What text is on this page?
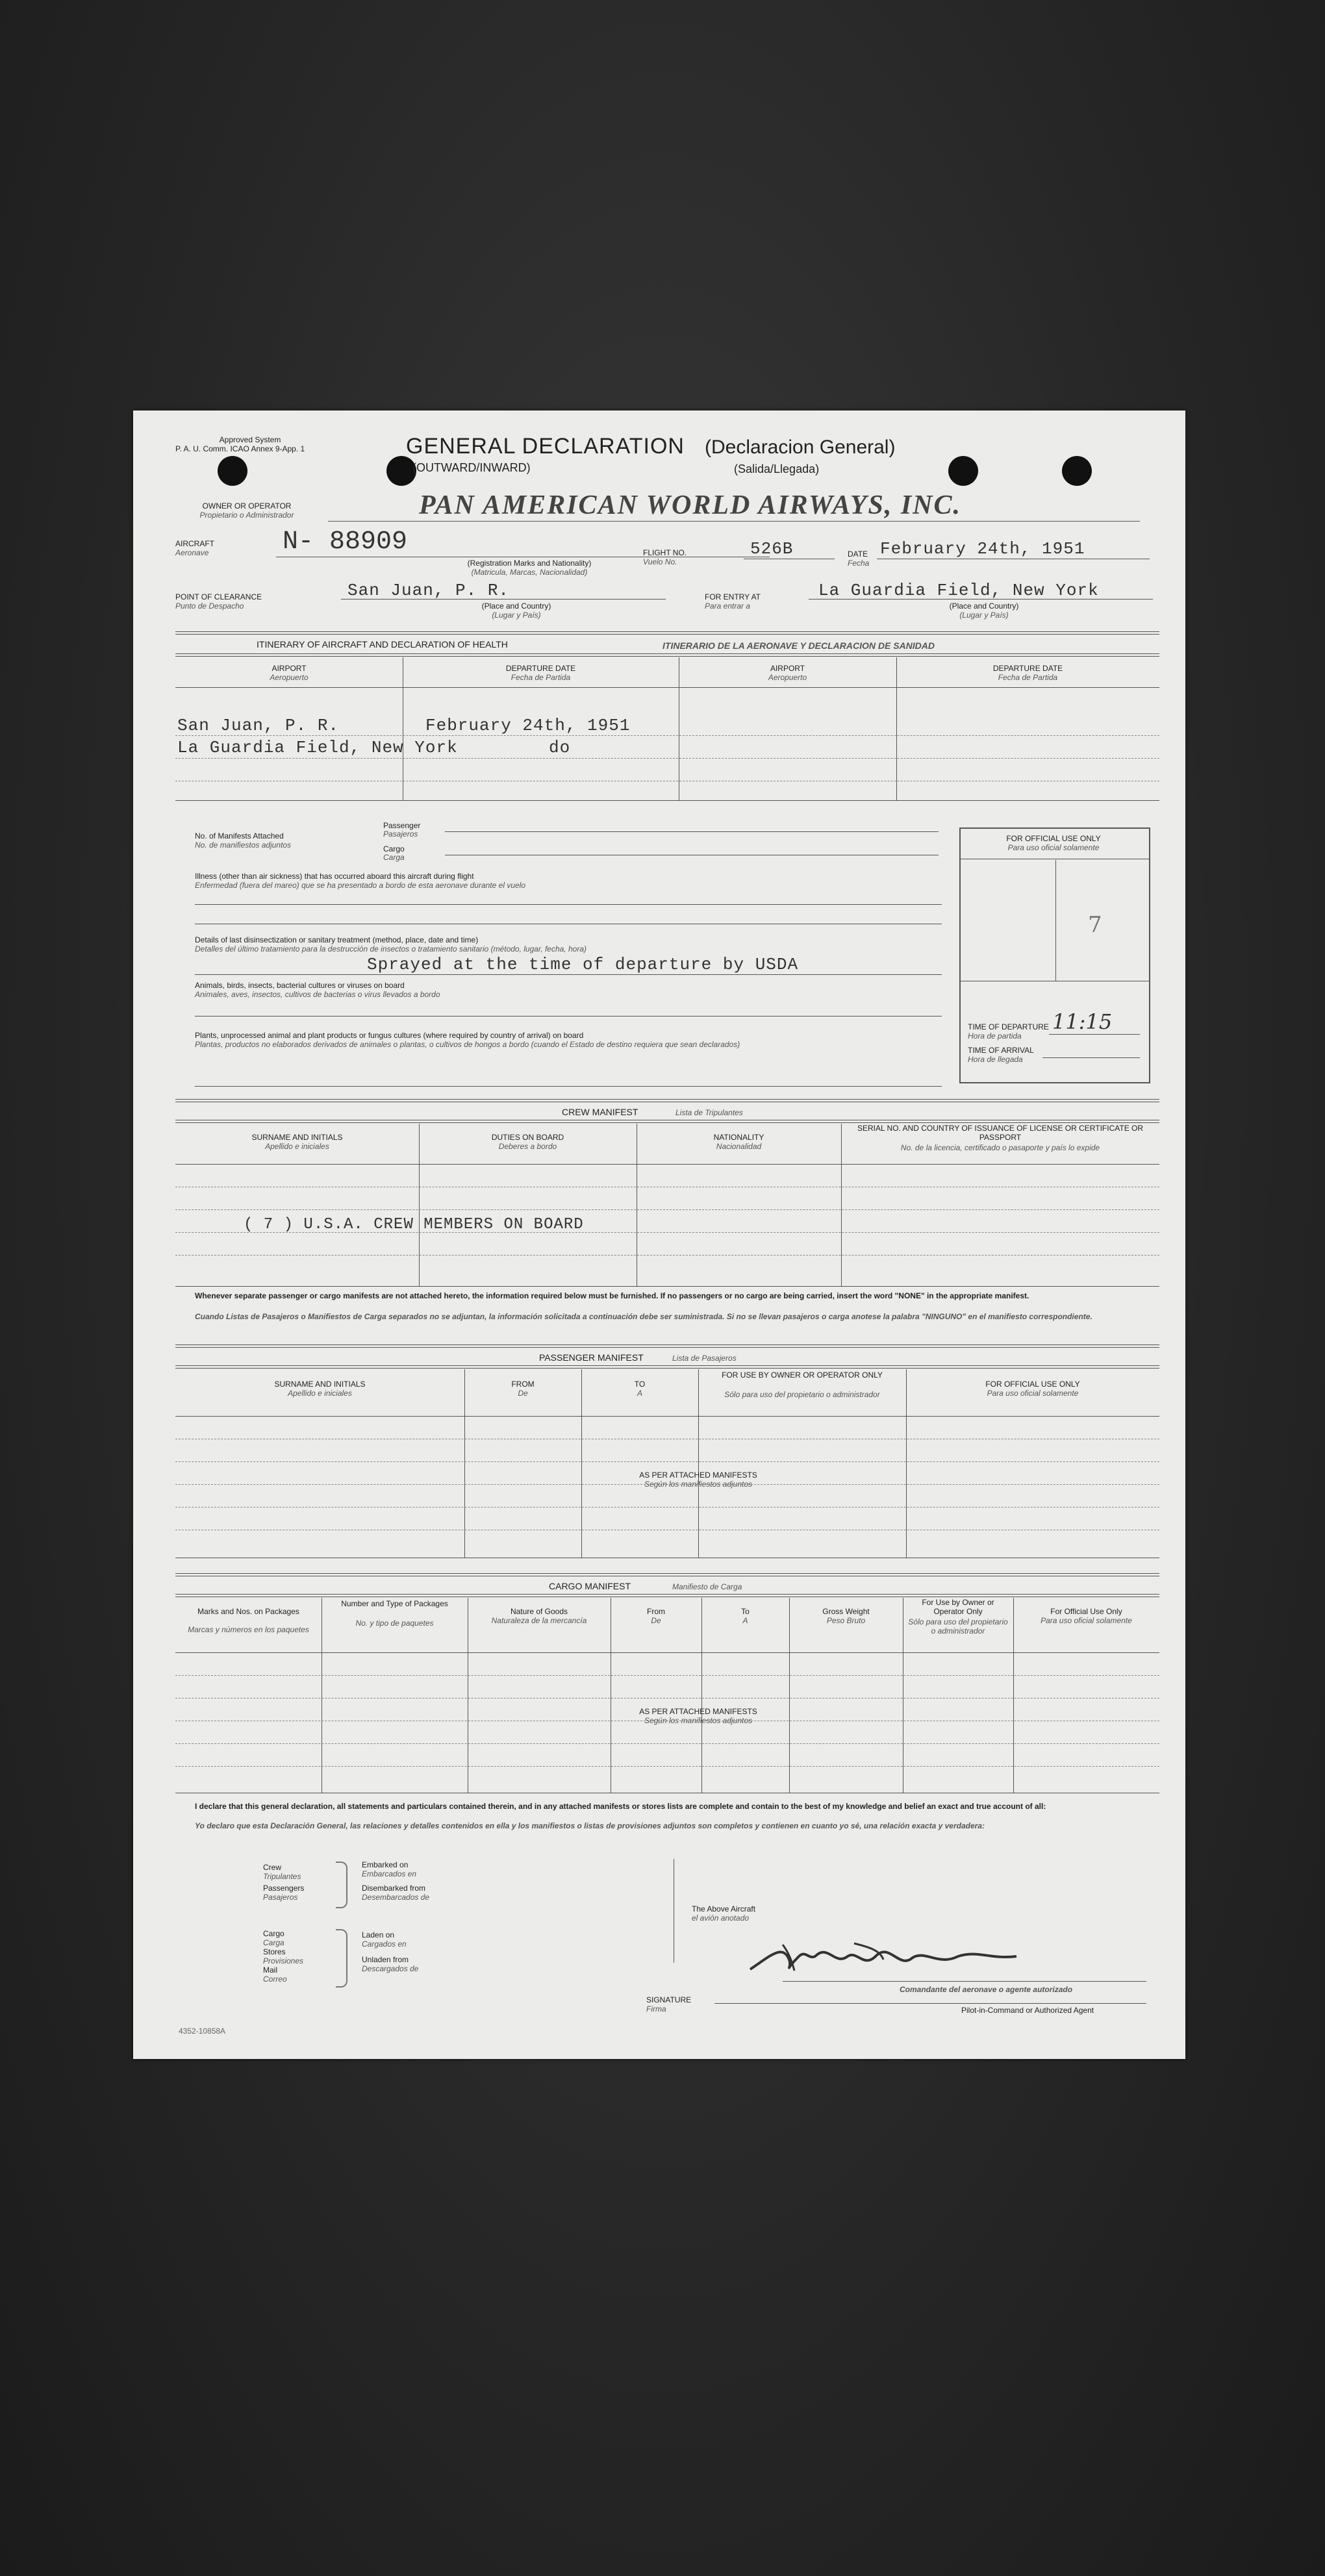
Approved System
P. A. U. Comm. ICAO Annex 9-App. 1	GENERAL DECLARATION (Declaracion General)
(OUTWARD/INWARD)	(Salida/Llegada)
OWNER OR OPERATOR
Propietario o Administrador	PAN AMERICAN WORLD AIRWAYS, INC.
AIRCRAFT
Aeronave	N- 88909
(Registration Marks and Nationality)
(Matricula, Marcas, Nacionalidad)
FLIGHT NO.
Vuelo No.
526B	DATE
Fecha
February 24th, 1951
POINT OF CLEARANCE
Punto de Despacho
San Juan, P. R.
(Place and Country)
(Lugar y País)
FOR ENTRY AT
Para entrar a
La Guardia Field, New York
(Place and Country)
(Lugar y País)
ITINERARY OF AIRCRAFT AND DECLARATION OF HEALTH	ITINERARIO DE LA AERONAVE Y DECLARACION DE SANIDAD
AIRPORT
Aeropuerto
DEPARTURE DATE
Fecha de Partida
AIRPORT
Aeropuerto
DEPARTURE DATE
Fecha de Partida
San Juan, P. R.	February 24th, 1951
La Guardia Field, New York	do
No. of Manifests Attached
No. de manifiestos adjuntos
Passenger
Pasajeros
Cargo
Carga
Illness (other than air sickness) that has occurred aboard this aircraft during flight
Enfermedad (fuera del mareo) que se ha presentado a bordo de esta aeronave durante el vuelo
Details of last disinsectization or sanitary treatment (method, place, date and time)
Detalles del último tratamiento para la destrucción de insectos o tratamiento sanitario (método, lugar, fecha, hora)
Sprayed at the time of departure by USDA
Animals, birds, insects, bacterial cultures or viruses on board
Animales, aves, insectos, cultivos de bacterias o virus llevados a bordo
Plants, unprocessed animal and plant products or fungus cultures (where required by country of arrival) on board
Plantas, productos no elaborados derivados de animales o plantas, o cultivos de hongos a bordo (cuando el Estado de destino requiera que sean declarados)
FOR OFFICIAL USE ONLY
Para uso oficial solamente
7
TIME OF DEPARTURE
Hora de partida
11:15
TIME OF ARRIVAL
Hora de llegada
CREW MANIFEST	Lista de Tripulantes
SURNAME AND INITIALS
Apellido e iniciales
DUTIES ON BOARD
Deberes a bordo
NATIONALITY
Nacionalidad
SERIAL NO. AND COUNTRY OF ISSUANCE OF LICENSE OR CERTIFICATE OR PASSPORT
No. de la licencia, certificado o pasaporte y país lo expide
( 7 ) U.S.A. CREW MEMBERS ON BOARD
Whenever separate passenger or cargo manifests are not attached hereto, the information required below must be furnished. If no passengers or no cargo are being carried, insert the word "NONE" in the appropriate manifest.
Cuando Listas de Pasajeros o Manifiestos de Carga separados no se adjuntan, la información solicitada a continuación debe ser suministrada. Si no se llevan pasajeros o carga anotese la palabra "NINGUNO" en el manifiesto correspondiente.
PASSENGER MANIFEST	Lista de Pasajeros
SURNAME AND INITIALS
Apellido e iniciales
FROM
De
TO
A
FOR USE BY OWNER OR OPERATOR ONLY
Sólo para uso del propietario o administrador
FOR OFFICIAL USE ONLY
Para uso oficial solamente
AS PER ATTACHED MANIFESTS
Según los manifiestos adjuntos
CARGO MANIFEST	Manifiesto de Carga
Marks and Nos. on Packages
Marcas y números en los paquetes
Number and Type of Packages
No. y tipo de paquetes
Nature of Goods
Naturaleza de la mercancía
From
De
To
A
Gross Weight
Peso Bruto
For Use by Owner or Operator Only
Sólo para uso del propietario o administrador
For Official Use Only
Para uso oficial solamente
AS PER ATTACHED MANIFESTS
Según los manifiestos adjuntos
I declare that this general declaration, all statements and particulars contained therein, and in any attached manifests or stores lists are complete and contain to the best of my knowledge and belief an exact and true account of all:
Yo declaro que esta Declaración General, las relaciones y detalles contenidos en ella y los manifiestos o listas de provisiones adjuntos son completos y contienen en cuanto yo sé, una relación exacta y verdadera:
Crew
Tripulantes
Passengers
Pasajeros
Embarked on
Embarcados en
Disembarked from
Desembarcados de
Cargo
Carga
Stores
Provisiones
Mail
Correo
Laden on
Cargados en
Unladen from
Descargados de
The Above Aircraft
el avión anotado
Comandante del aeronave o agente autorizado
SIGNATURE
Firma	Pilot-in-Command or Authorized Agent
4352-10858A
